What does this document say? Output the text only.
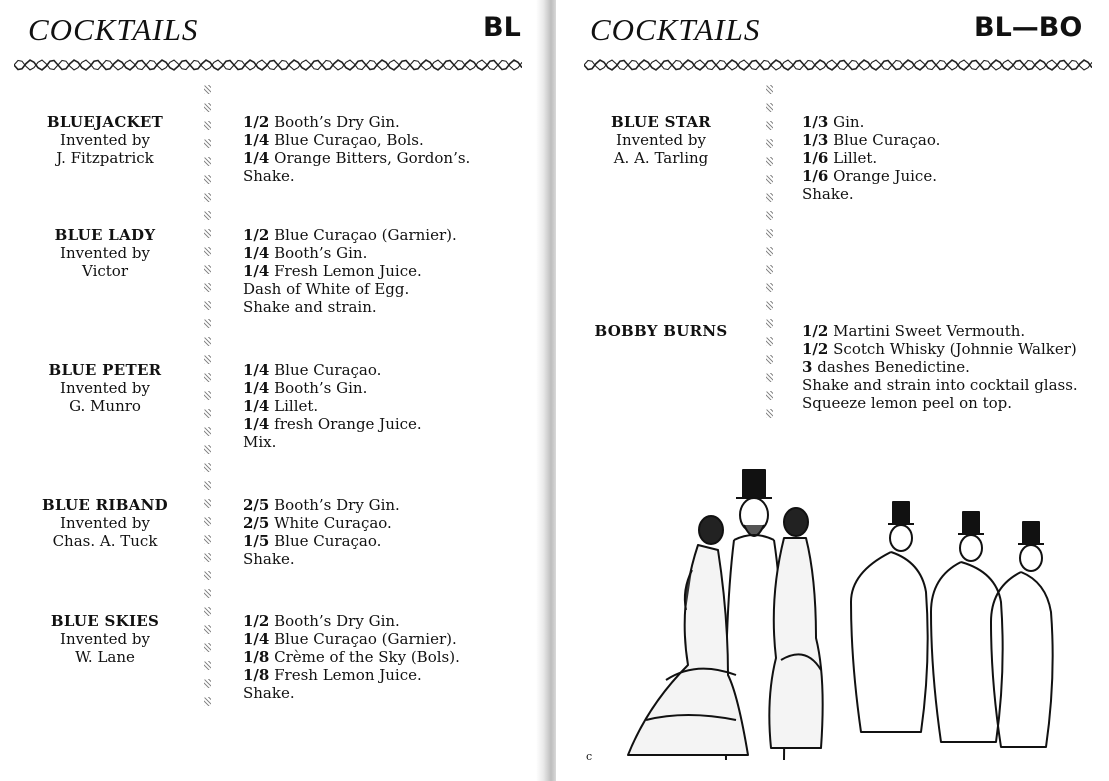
COCKTAILS	BL
BLUEJACKET
Invented by
J. Fitzpatrick
1/2 Booth’s Dry Gin.
1/4 Blue Curaçao, Bols.
1/4 Orange Bitters, Gordon’s.
Shake.
BLUE LADY
Invented by
Victor
1/2 Blue Curaçao (Garnier).
1/4 Booth’s Gin.
1/4 Fresh Lemon Juice.
Dash of White of Egg.
Shake and strain.
BLUE PETER
Invented by
G. Munro
1/4 Blue Curaçao.
1/4 Booth’s Gin.
1/4 Lillet.
1/4 fresh Orange Juice.
Mix.
BLUE RIBAND
Invented by
Chas. A. Tuck
2/5 Booth’s Dry Gin.
2/5 White Curaçao.
1/5 Blue Curaçao.
Shake.
BLUE SKIES
Invented by
W. Lane
1/2 Booth’s Dry Gin.
1/4 Blue Curaçao (Garnier).
1/8 Crème of the Sky (Bols).
1/8 Fresh Lemon Juice.
Shake.
COCKTAILS	BL—BO
BLUE STAR
Invented by
A. A. Tarling
1/3 Gin.
1/3 Blue Curaçao.
1/6 Lillet.
1/6 Orange Juice.
Shake.
BOBBY BURNS	1/2 Martini Sweet Vermouth.
1/2 Scotch Whisky (Johnnie Walker)
3 dashes Benedictine.
Shake and strain into cocktail glass.
Squeeze lemon peel on top.
c
